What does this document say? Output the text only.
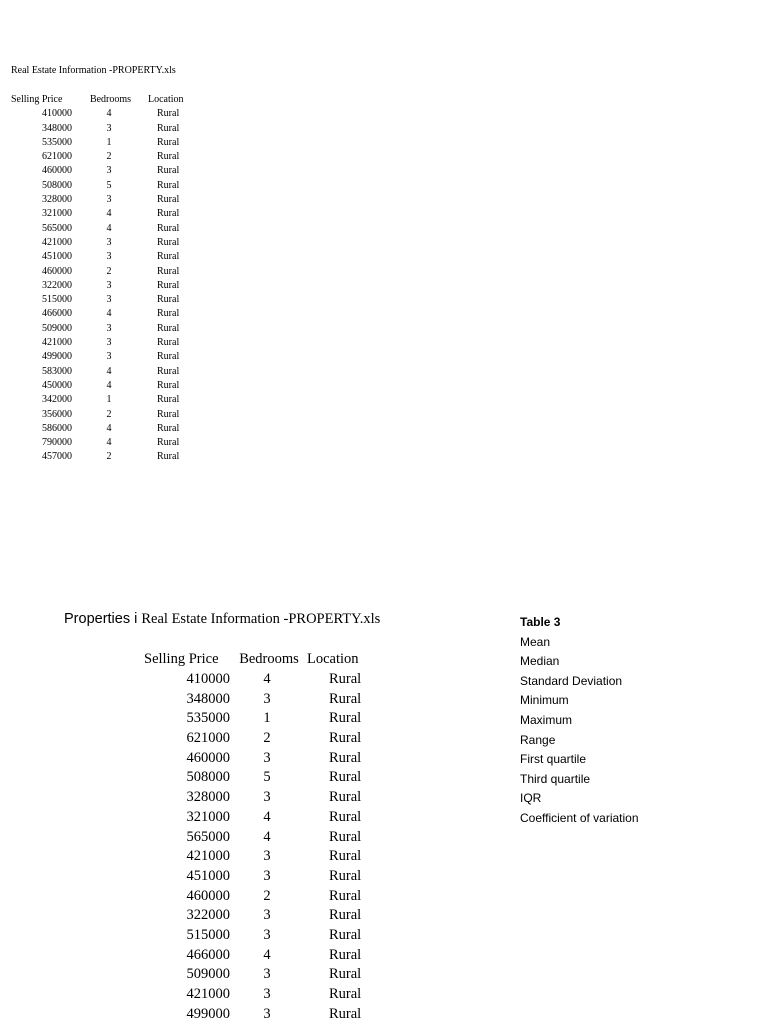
Real Estate Information -PROPERTY.xls
Selling Price	Bedrooms	Location
410000	4	Rural
348000	3	Rural
535000	1	Rural
621000	2	Rural
460000	3	Rural
508000	5	Rural
328000	3	Rural
321000	4	Rural
565000	4	Rural
421000	3	Rural
451000	3	Rural
460000	2	Rural
322000	3	Rural
515000	3	Rural
466000	4	Rural
509000	3	Rural
421000	3	Rural
499000	3	Rural
583000	4	Rural
450000	4	Rural
342000	1	Rural
356000	2	Rural
586000	4	Rural
790000	4	Rural
457000	2	Rural
Properties i Real Estate Information -PROPERTY.xls
Selling Price	Bedrooms	Location
410000	4	Rural
348000	3	Rural
535000	1	Rural
621000	2	Rural
460000	3	Rural
508000	5	Rural
328000	3	Rural
321000	4	Rural
565000	4	Rural
421000	3	Rural
451000	3	Rural
460000	2	Rural
322000	3	Rural
515000	3	Rural
466000	4	Rural
509000	3	Rural
421000	3	Rural
499000	3	Rural
Table 3
Mean
Median
Standard Deviation
Minimum
Maximum
Range
First quartile
Third quartile
IQR
Coefficient of variation
